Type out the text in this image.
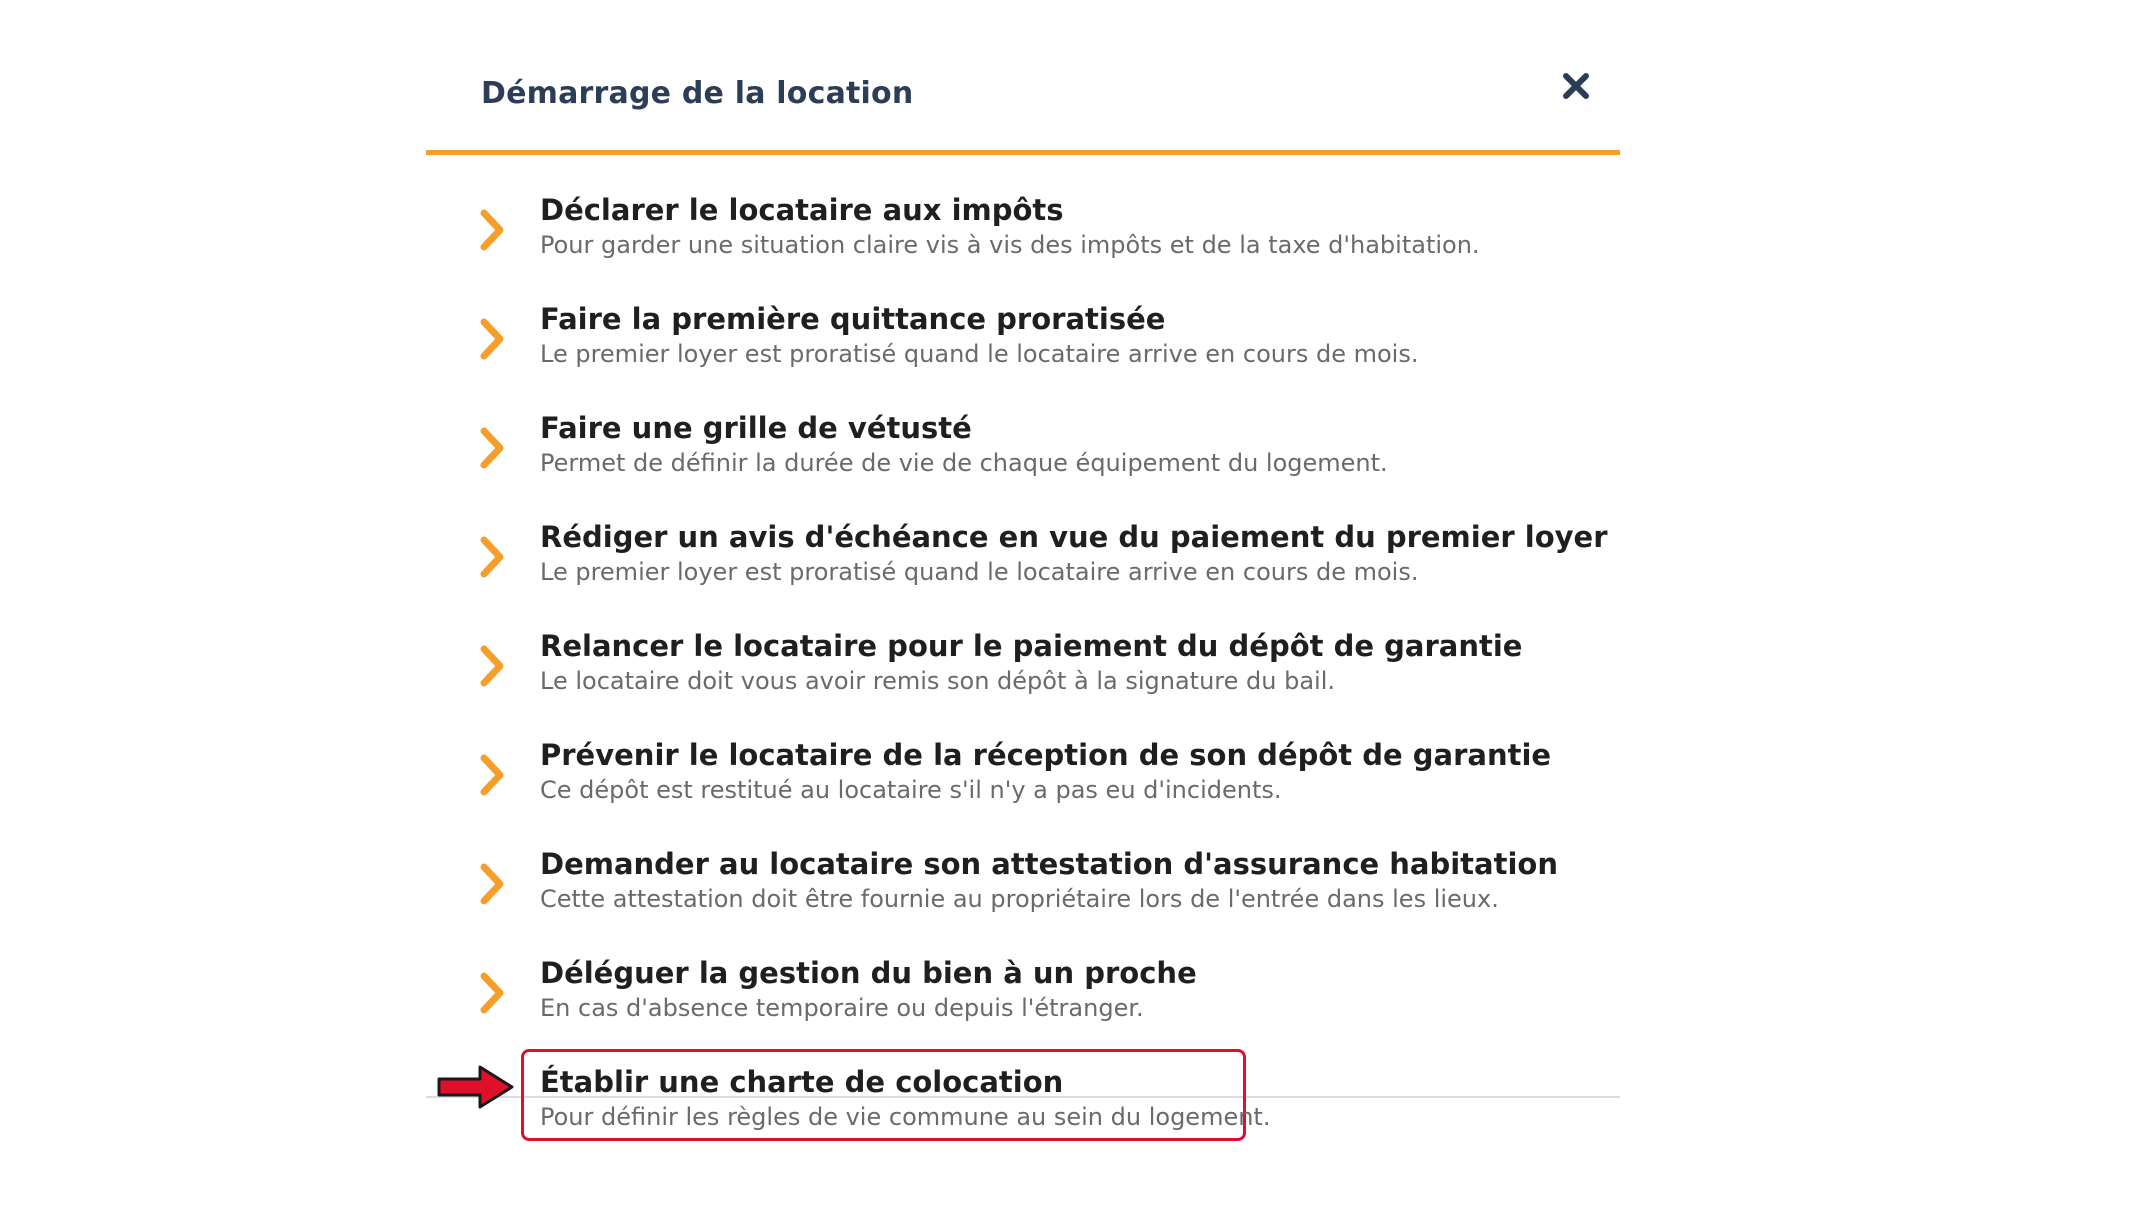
Démarrage de la location
Déclarer le locataire aux impôts
Pour garder une situation claire vis à vis des impôts et de la taxe d'habitation.
Faire la première quittance proratisée
Le premier loyer est proratisé quand le locataire arrive en cours de mois.
Faire une grille de vétusté
Permet de définir la durée de vie de chaque équipement du logement.
Rédiger un avis d'échéance en vue du paiement du premier loyer
Le premier loyer est proratisé quand le locataire arrive en cours de mois.
Relancer le locataire pour le paiement du dépôt de garantie
Le locataire doit vous avoir remis son dépôt à la signature du bail.
Prévenir le locataire de la réception de son dépôt de garantie
Ce dépôt est restitué au locataire s'il n'y a pas eu d'incidents.
Demander au locataire son attestation d'assurance habitation
Cette attestation doit être fournie au propriétaire lors de l'entrée dans les lieux.
Déléguer la gestion du bien à un proche
En cas d'absence temporaire ou depuis l'étranger.
Établir une charte de colocation
Pour définir les règles de vie commune au sein du logement.
